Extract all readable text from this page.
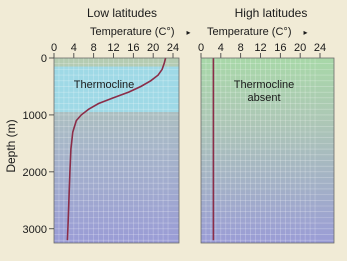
Low latitudes	High latitudes
Temperature (C°) ▸ Temperature (C°) ▸
Depth (m)
0 4 8 12 16 20 24
Thermocline
0 4 8 12 16 20 24
Thermocline absent
0
1000
2000
3000
